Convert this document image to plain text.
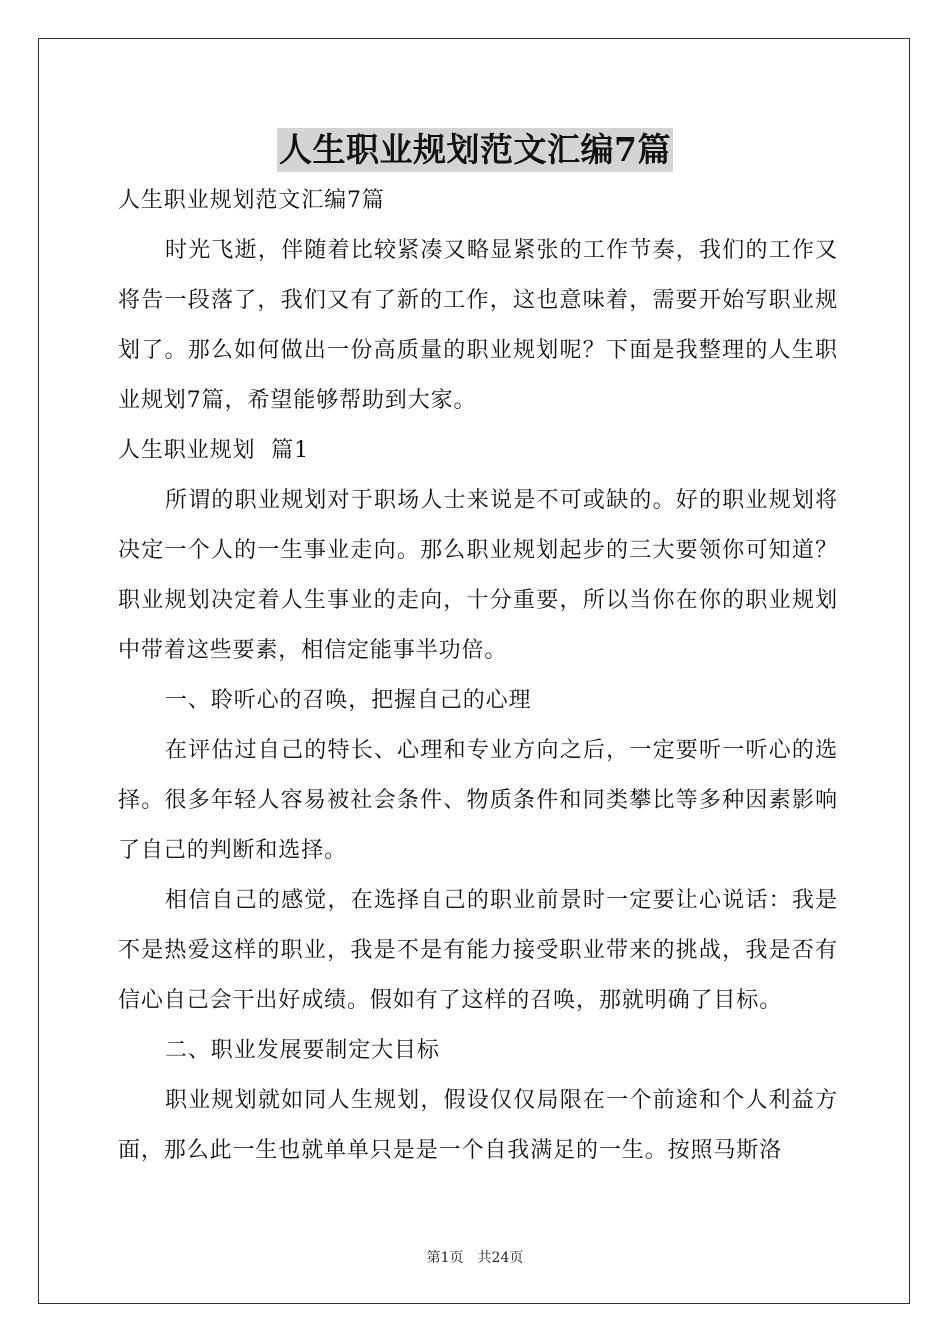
人生职业规划范文汇编7篇

人生职业规划范文汇编7篇

时光飞逝，伴随着比较紧凑又略显紧张的工作节奏，我们的工作又将告一段落了，我们又有了新的工作，这也意味着，需要开始写职业规划了。那么如何做出一份高质量的职业规划呢？下面是我整理的人生职业规划7篇，希望能够帮助到大家。

人生职业规划  篇1

所谓的职业规划对于职场人士来说是不可或缺的。好的职业规划将决定一个人的一生事业走向。那么职业规划起步的三大要领你可知道？职业规划决定着人生事业的走向，十分重要，所以当你在你的职业规划中带着这些要素，相信定能事半功倍。

一、聆听心的召唤，把握自己的心理

在评估过自己的特长、心理和专业方向之后，一定要听一听心的选择。很多年轻人容易被社会条件、物质条件和同类攀比等多种因素影响了自己的判断和选择。

相信自己的感觉，在选择自己的职业前景时一定要让心说话：我是不是热爱这样的职业，我是不是有能力接受职业带来的挑战，我是否有信心自己会干出好成绩。假如有了这样的召唤，那就明确了目标。

二、职业发展要制定大目标

职业规划就如同人生规划，假设仅仅局限在一个前途和个人利益方面，那么此一生也就单单只是是一个自我满足的一生。按照马斯洛

第1页 共24页
